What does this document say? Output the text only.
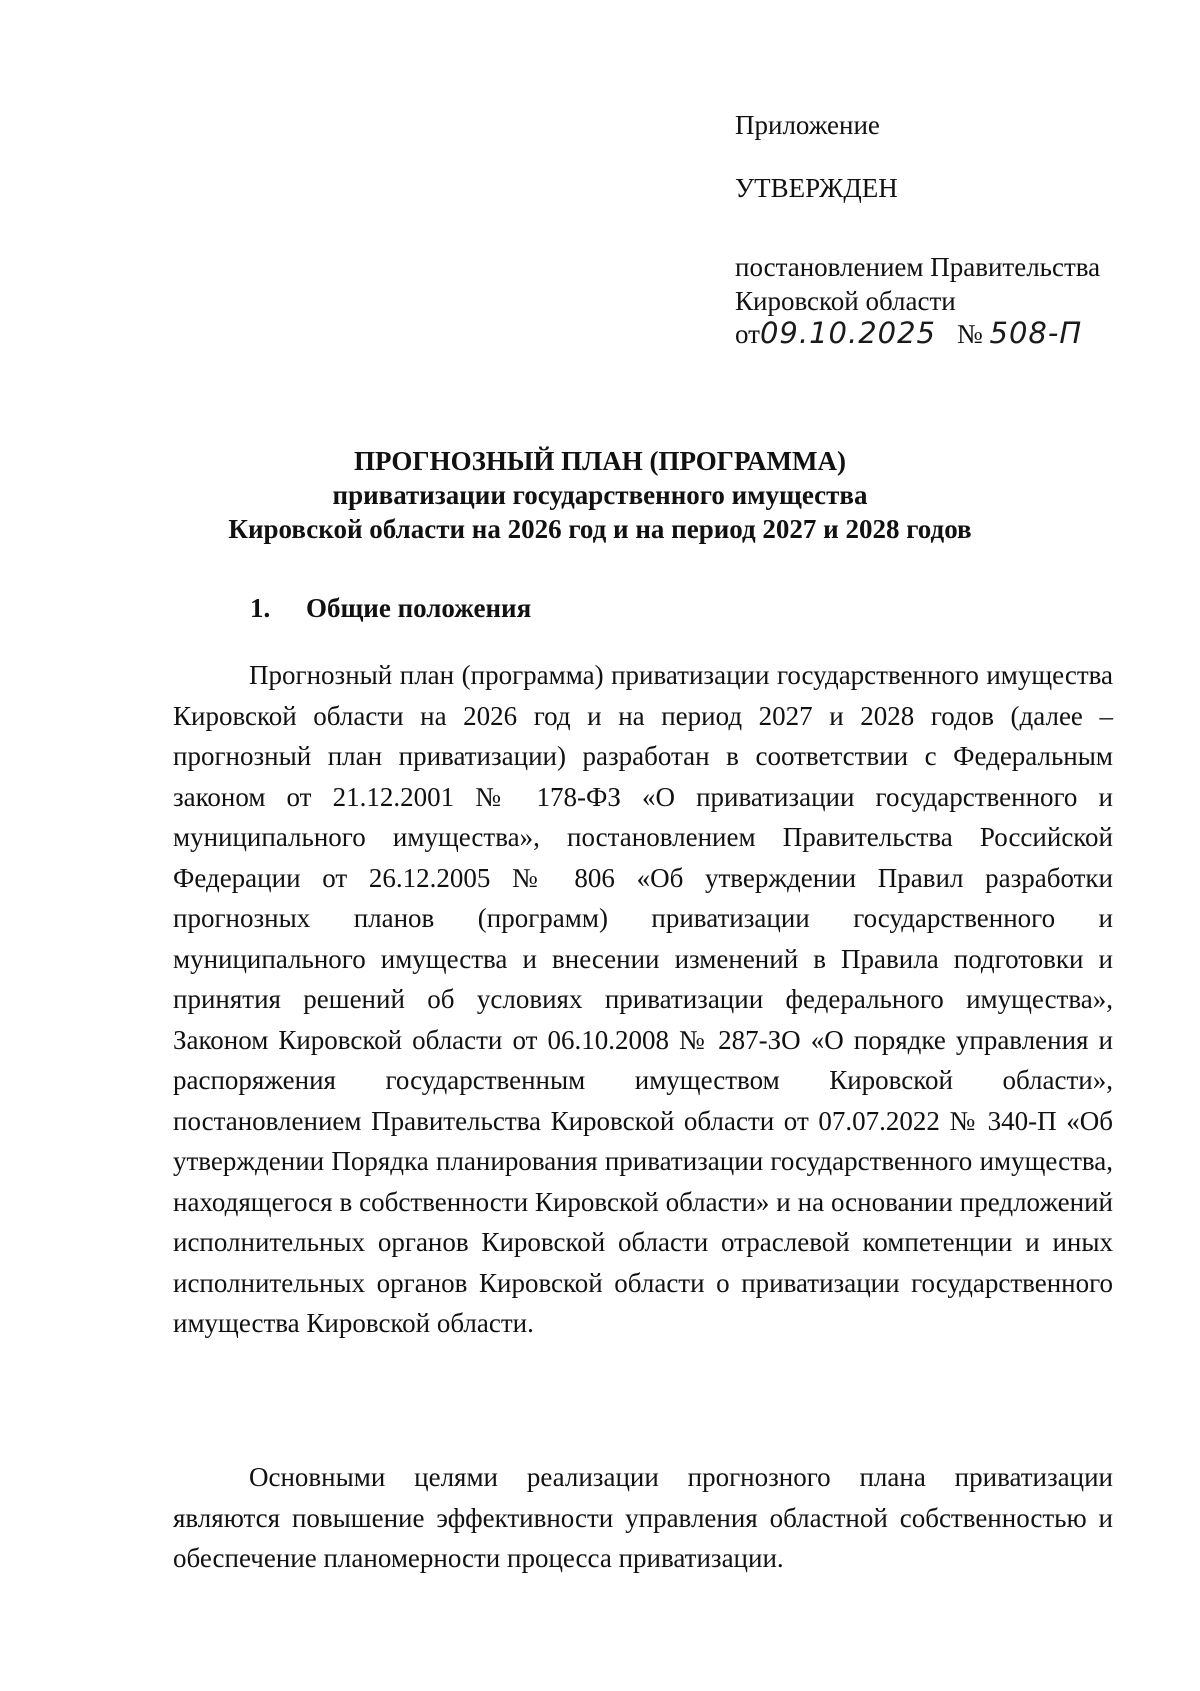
Приложение
УТВЕРЖДЕН
постановлением Правительства
Кировской области
от09.10.2025 № 508-П
ПРОГНОЗНЫЙ ПЛАН (ПРОГРАММА)
приватизации государственного имущества
Кировской области на 2026 год и на период 2027 и 2028 годов
1. Общие положения
Прогнозный план (программа) приватизации государственного имущества Кировской области на 2026 год и на период 2027 и 2028 годов (далее – прогнозный план приватизации) разработан в соответствии с Федеральным законом от 21.12.2001 № 178-ФЗ «О приватизации государственного и муниципального имущества», постановлением Правительства Российской Федерации от 26.12.2005 № 806 «Об утверждении Правил разработки прогнозных планов (программ) приватизации государственного и муниципального имущества и внесении изменений в Правила подготовки и принятия решений об условиях приватизации федерального имущества», Законом Кировской области от 06.10.2008 № 287-ЗО «О порядке управления и распоряжения государственным имуществом Кировской области», постановлением Правительства Кировской области от 07.07.2022 № 340-П «Об утверждении Порядка планирования приватизации государственного имущества, находящегося в собственности Кировской области» и на основании предложений исполнительных органов Кировской области отраслевой компетенции и иных исполнительных органов Кировской области о приватизации государственного имущества Кировской области.
Основными целями реализации прогнозного плана приватизации являются повышение эффективности управления областной собственностью и обеспечение планомерности процесса приватизации.
